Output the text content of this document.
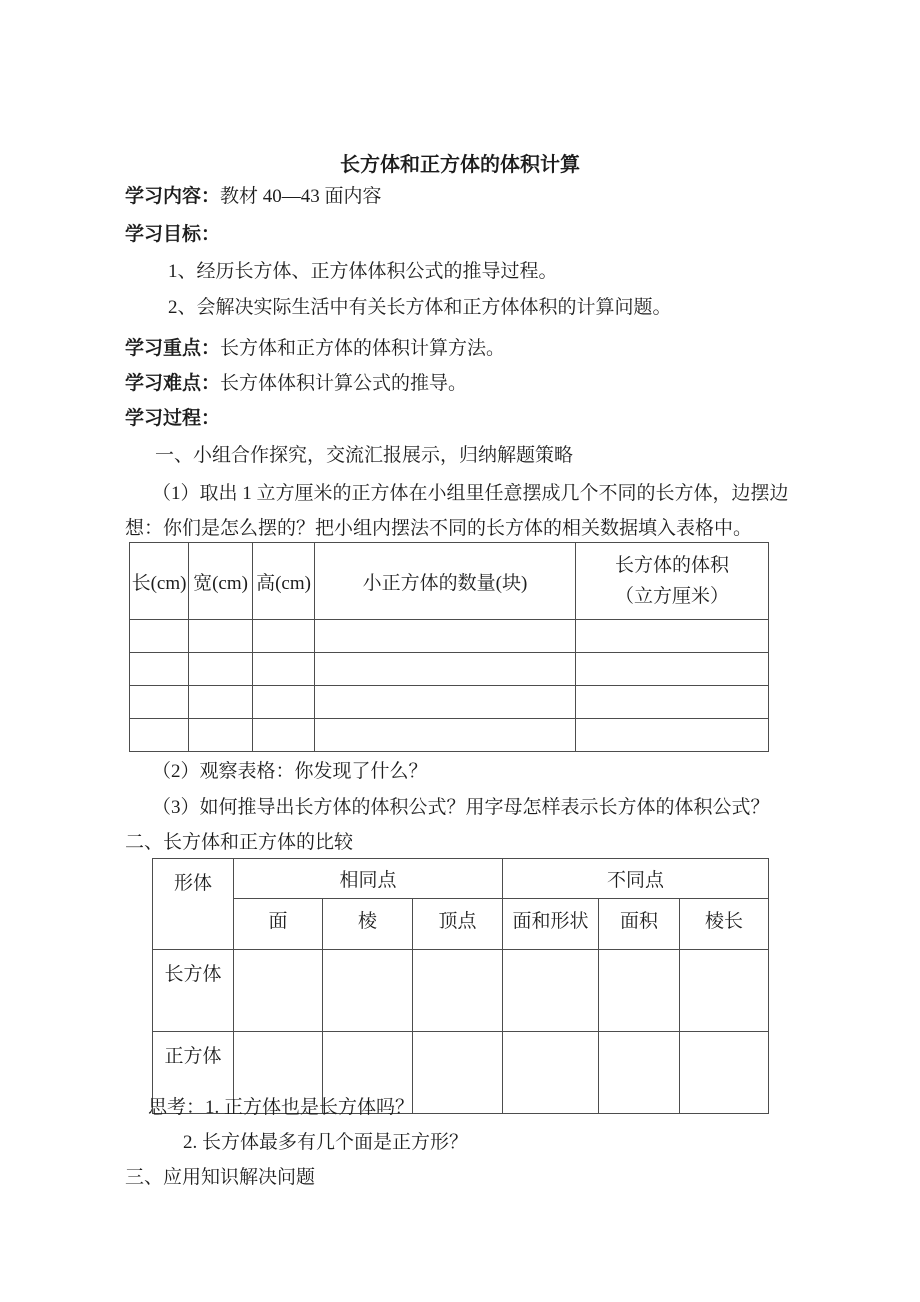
长方体和正方体的体积计算
学习内容：教材 40—43 面内容
学习目标：
1、经历长方体、正方体体积公式的推导过程。
2、会解决实际生活中有关长方体和正方体体积的计算问题。
学习重点：长方体和正方体的体积计算方法。
学习难点：长方体体积计算公式的推导。
学习过程：
一、小组合作探究，交流汇报展示，归纳解题策略
（1）取出 1 立方厘米的正方体在小组里任意摆成几个不同的长方体，边摆边
想：你们是怎么摆的？把小组内摆法不同的长方体的相关数据填入表格中。
长(cm)	宽(cm)	高(cm)	小正方体的数量(块)	长方体的体积
（立方厘米）

（2）观察表格：你发现了什么？
（3）如何推导出长方体的体积公式？用字母怎样表示长方体的体积公式？
二、长方体和正方体的比较
形体	相同点			不同点		
	面	棱	顶点	面和形状	面积	棱长
长方体						
正方体						
思考：1. 正方体也是长方体吗？
2. 长方体最多有几个面是正方形？
三、应用知识解决问题
